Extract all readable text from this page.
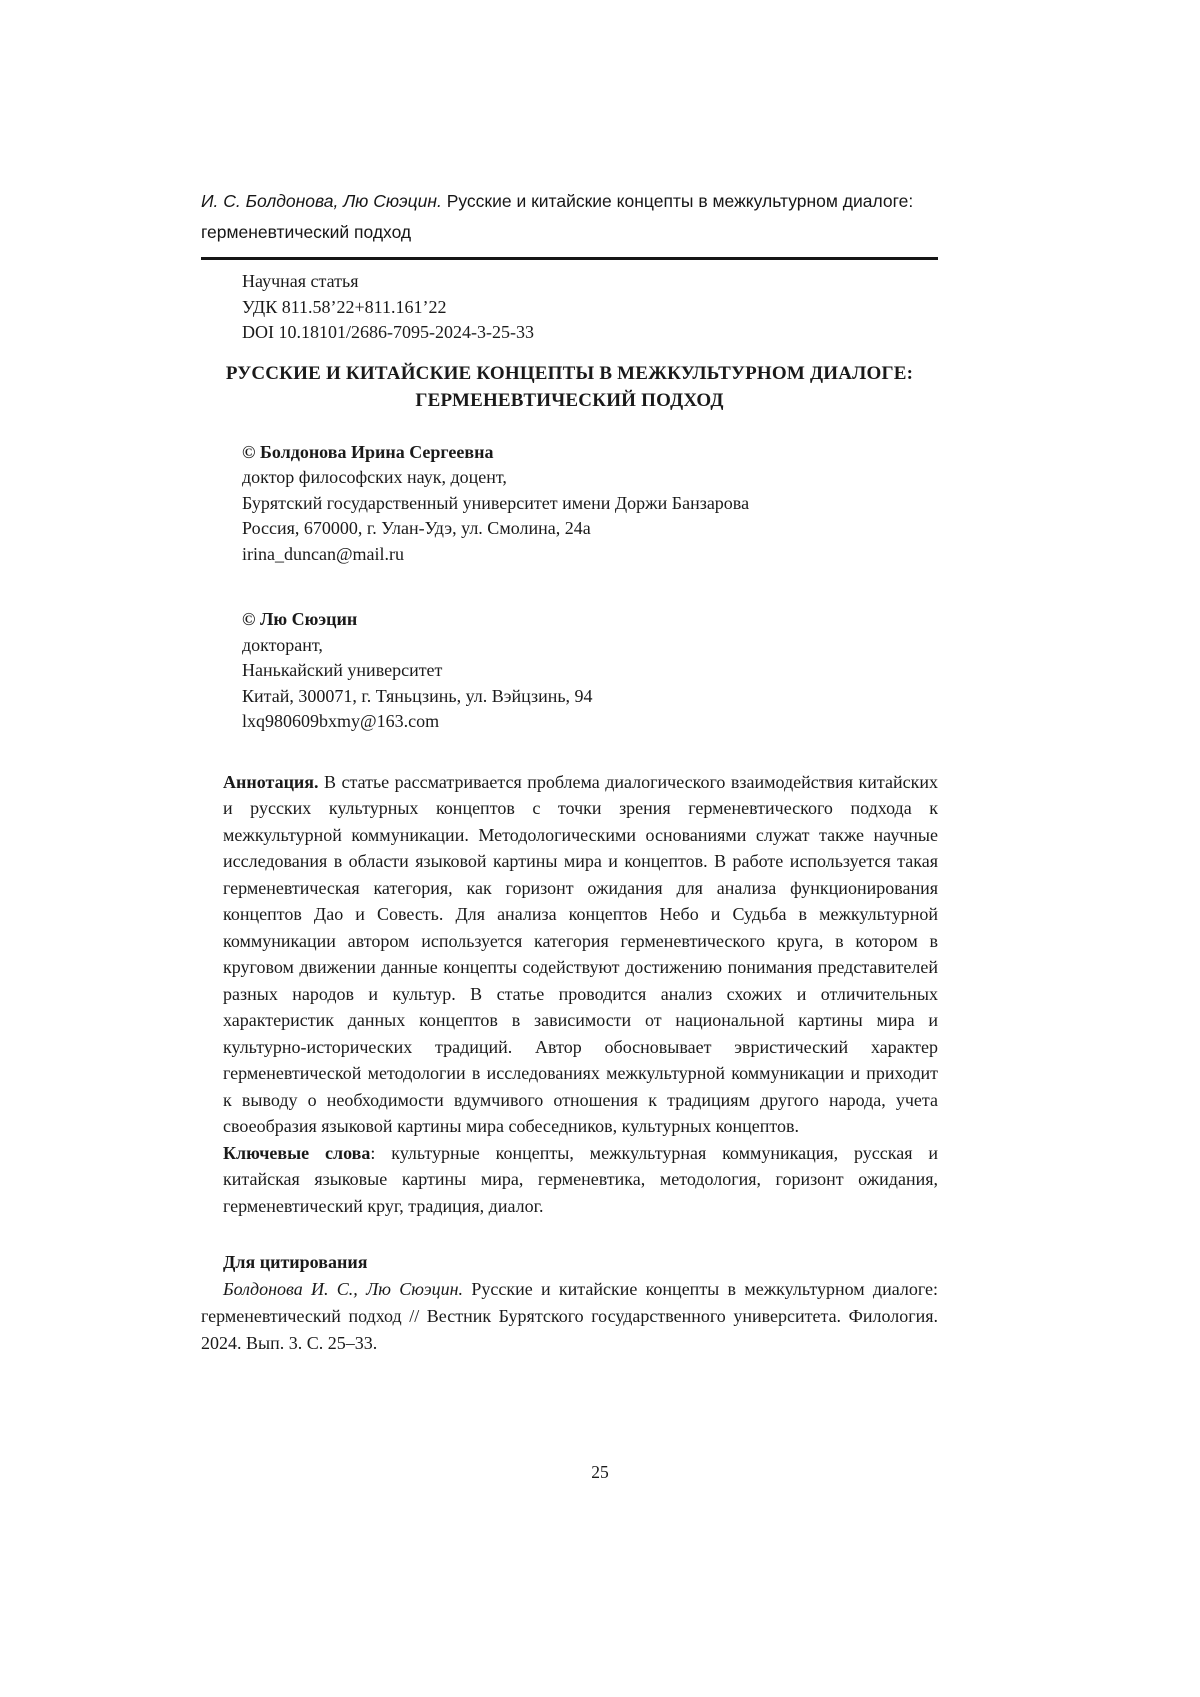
И. С. Болдонова, Лю Сюэцин. Русские и китайские концепты в межкультурном диалоге:
герменевтический подход
Научная статья
УДК 811.58’22+811.161’22
DOI 10.18101/2686-7095-2024-3-25-33
РУССКИЕ И КИТАЙСКИЕ КОНЦЕПТЫ В МЕЖКУЛЬТУРНОМ ДИАЛОГЕ:
ГЕРМЕНЕВТИЧЕСКИЙ ПОДХОД
© Болдонова Ирина Сергеевна
доктор философских наук, доцент,
Бурятский государственный университет имени Доржи Банзарова
Россия, 670000, г. Улан-Удэ, ул. Смолина, 24а
irina_duncan@mail.ru
© Лю Сюэцин
докторант,
Нанькайский университет
Китай, 300071, г. Тяньцзинь, ул. Вэйцзинь, 94
lxq980609bxmy@163.com

Аннотация. В статье рассматривается проблема диалогического взаимодействия китайских и русских культурных концептов с точки зрения герменевтического подхода к межкультурной коммуникации. Методологическими основаниями служат также научные исследования в области языковой картины мира и концептов. В работе используется такая герменевтическая категория, как горизонт ожидания для анализа функционирования концептов Дао и Совесть. Для анализа концептов Небо и Судьба в межкультурной коммуникации автором используется категория герменевтического круга, в котором в круговом движении данные концепты содействуют достижению понимания представителей разных народов и культур. В статье проводится анализ схожих и отличительных характеристик данных концептов в зависимости от национальной картины мира и культурно-исторических традиций. Автор обосновывает эвристический характер герменевтической методологии в исследованиях межкультурной коммуникации и приходит к выводу о необходимости вдумчивого отношения к традициям другого народа, учета своеобразия языковой картины мира собеседников, культурных концептов.

Ключевые слова: культурные концепты, межкультурная коммуникация, русская и китайская языковые картины мира, герменевтика, методология, горизонт ожидания, герменевтический круг, традиция, диалог.

Для цитирования

Болдонова И. С., Лю Сюэцин. Русские и китайские концепты в межкультурном диалоге: герменевтический подход // Вестник Бурятского государственного университета. Филология. 2024. Вып. 3. С. 25–33.

25
